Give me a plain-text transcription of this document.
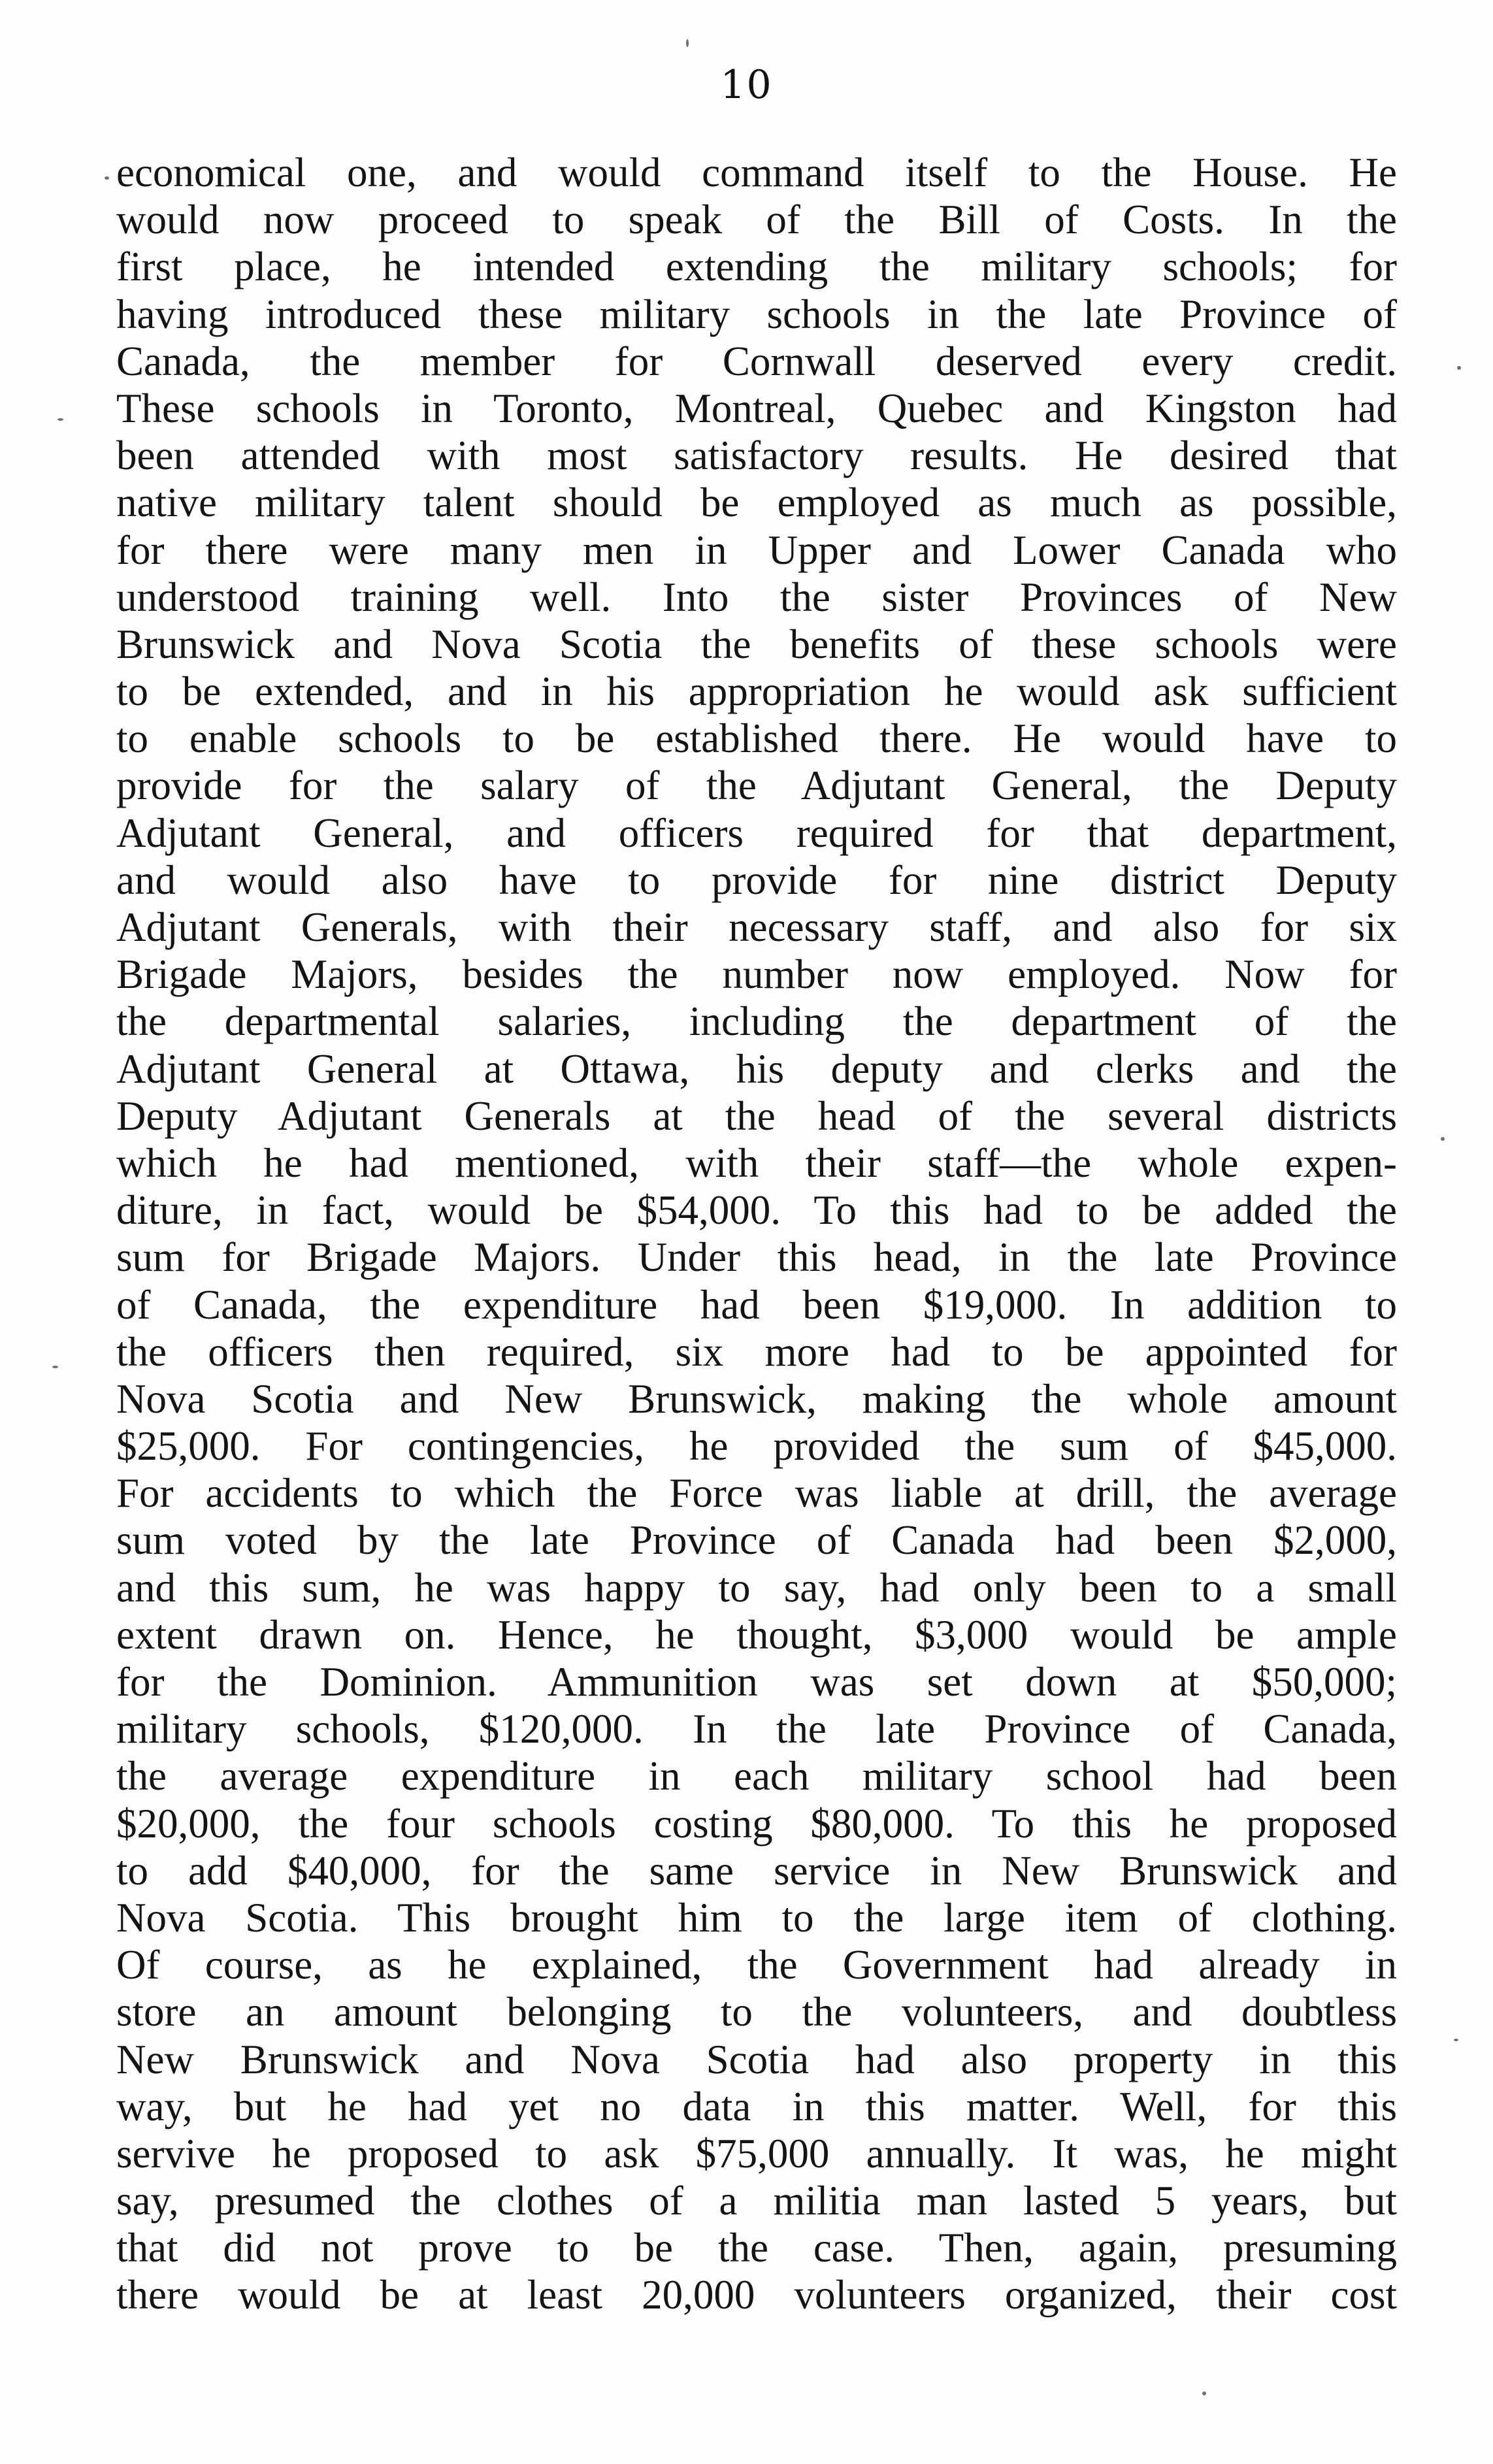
10
economical one, and would command itself to the House. He
would now proceed to speak of the Bill of Costs. In the
first place, he intended extending the military schools; for
having introduced these military schools in the late Province of
Canada, the member for Cornwall deserved every credit.
These schools in Toronto, Montreal, Quebec and Kingston had
been attended with most satisfactory results. He desired that
native military talent should be employed as much as possible,
for there were many men in Upper and Lower Canada who
understood training well. Into the sister Provinces of New
Brunswick and Nova Scotia the benefits of these schools were
to be extended, and in his appropriation he would ask sufficient
to enable schools to be established there. He would have to
provide for the salary of the Adjutant General, the Deputy
Adjutant General, and officers required for that department,
and would also have to provide for nine district Deputy
Adjutant Generals, with their necessary staff, and also for six
Brigade Majors, besides the number now employed. Now for
the departmental salaries, including the department of the
Adjutant General at Ottawa, his deputy and clerks and the
Deputy Adjutant Generals at the head of the several districts
which he had mentioned, with their staff—the whole expen-
diture, in fact, would be $54,000. To this had to be added the
sum for Brigade Majors. Under this head, in the late Province
of Canada, the expenditure had been $19,000. In addition to
the officers then required, six more had to be appointed for
Nova Scotia and New Brunswick, making the whole amount
$25,000. For contingencies, he provided the sum of $45,000.
For accidents to which the Force was liable at drill, the average
sum voted by the late Province of Canada had been $2,000,
and this sum, he was happy to say, had only been to a small
extent drawn on. Hence, he thought, $3,000 would be ample
for the Dominion. Ammunition was set down at $50,000;
military schools, $120,000. In the late Province of Canada,
the average expenditure in each military school had been
$20,000, the four schools costing $80,000. To this he proposed
to add $40,000, for the same service in New Brunswick and
Nova Scotia. This brought him to the large item of clothing.
Of course, as he explained, the Government had already in
store an amount belonging to the volunteers, and doubtless
New Brunswick and Nova Scotia had also property in this
way, but he had yet no data in this matter. Well, for this
servive he proposed to ask $75,000 annually. It was, he might
say, presumed the clothes of a militia man lasted 5 years, but
that did not prove to be the case. Then, again, presuming
there would be at least 20,000 volunteers organized, their cost
